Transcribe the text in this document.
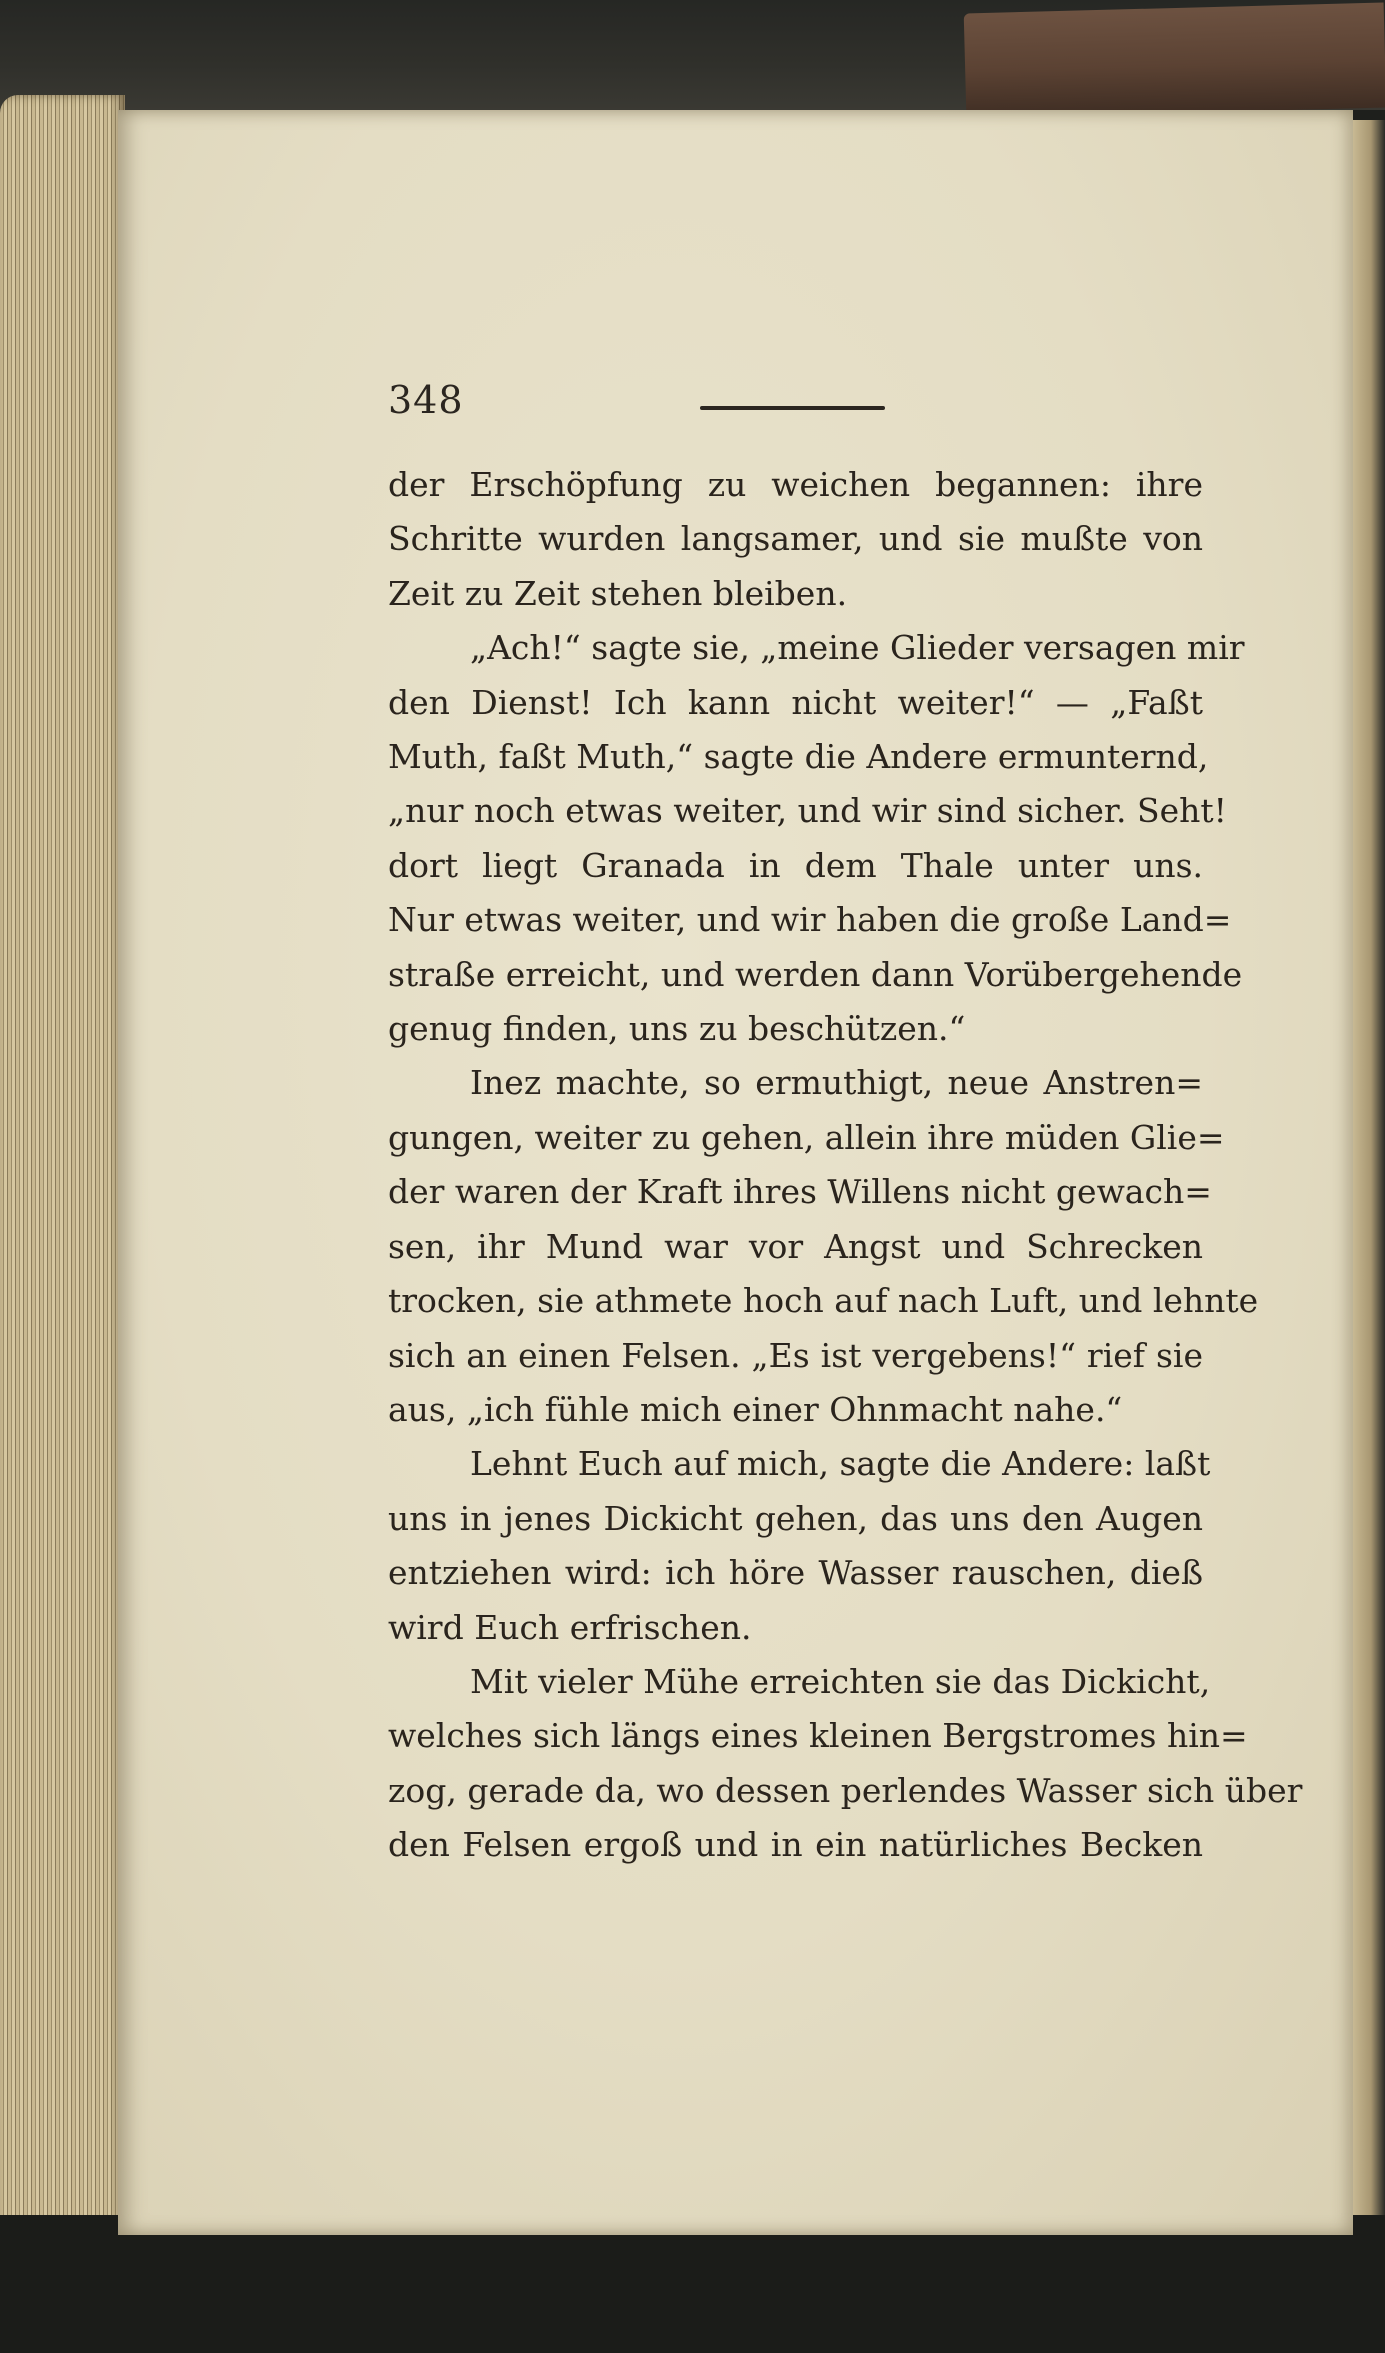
348
der Erschöpfung zu weichen begannen: ihre
Schritte wurden langsamer, und sie mußte von
Zeit zu Zeit stehen bleiben.
„Ach!“ sagte sie, „meine Glieder versagen mir
den Dienst! Ich kann nicht weiter!“ — „Faßt
Muth, faßt Muth,“ sagte die Andere ermunternd,
„nur noch etwas weiter, und wir sind sicher. Seht!
dort liegt Granada in dem Thale unter uns.
Nur etwas weiter, und wir haben die große Land=
straße erreicht, und werden dann Vorübergehende
genug finden, uns zu beschützen.“
Inez machte, so ermuthigt, neue Anstren=
gungen, weiter zu gehen, allein ihre müden Glie=
der waren der Kraft ihres Willens nicht gewach=
sen, ihr Mund war vor Angst und Schrecken
trocken, sie athmete hoch auf nach Luft, und lehnte
sich an einen Felsen. „Es ist vergebens!“ rief sie
aus, „ich fühle mich einer Ohnmacht nahe.“
Lehnt Euch auf mich, sagte die Andere: laßt
uns in jenes Dickicht gehen, das uns den Augen
entziehen wird: ich höre Wasser rauschen, dieß
wird Euch erfrischen.
Mit vieler Mühe erreichten sie das Dickicht,
welches sich längs eines kleinen Bergstromes hin=
zog, gerade da, wo dessen perlendes Wasser sich über
den Felsen ergoß und in ein natürliches Becken
